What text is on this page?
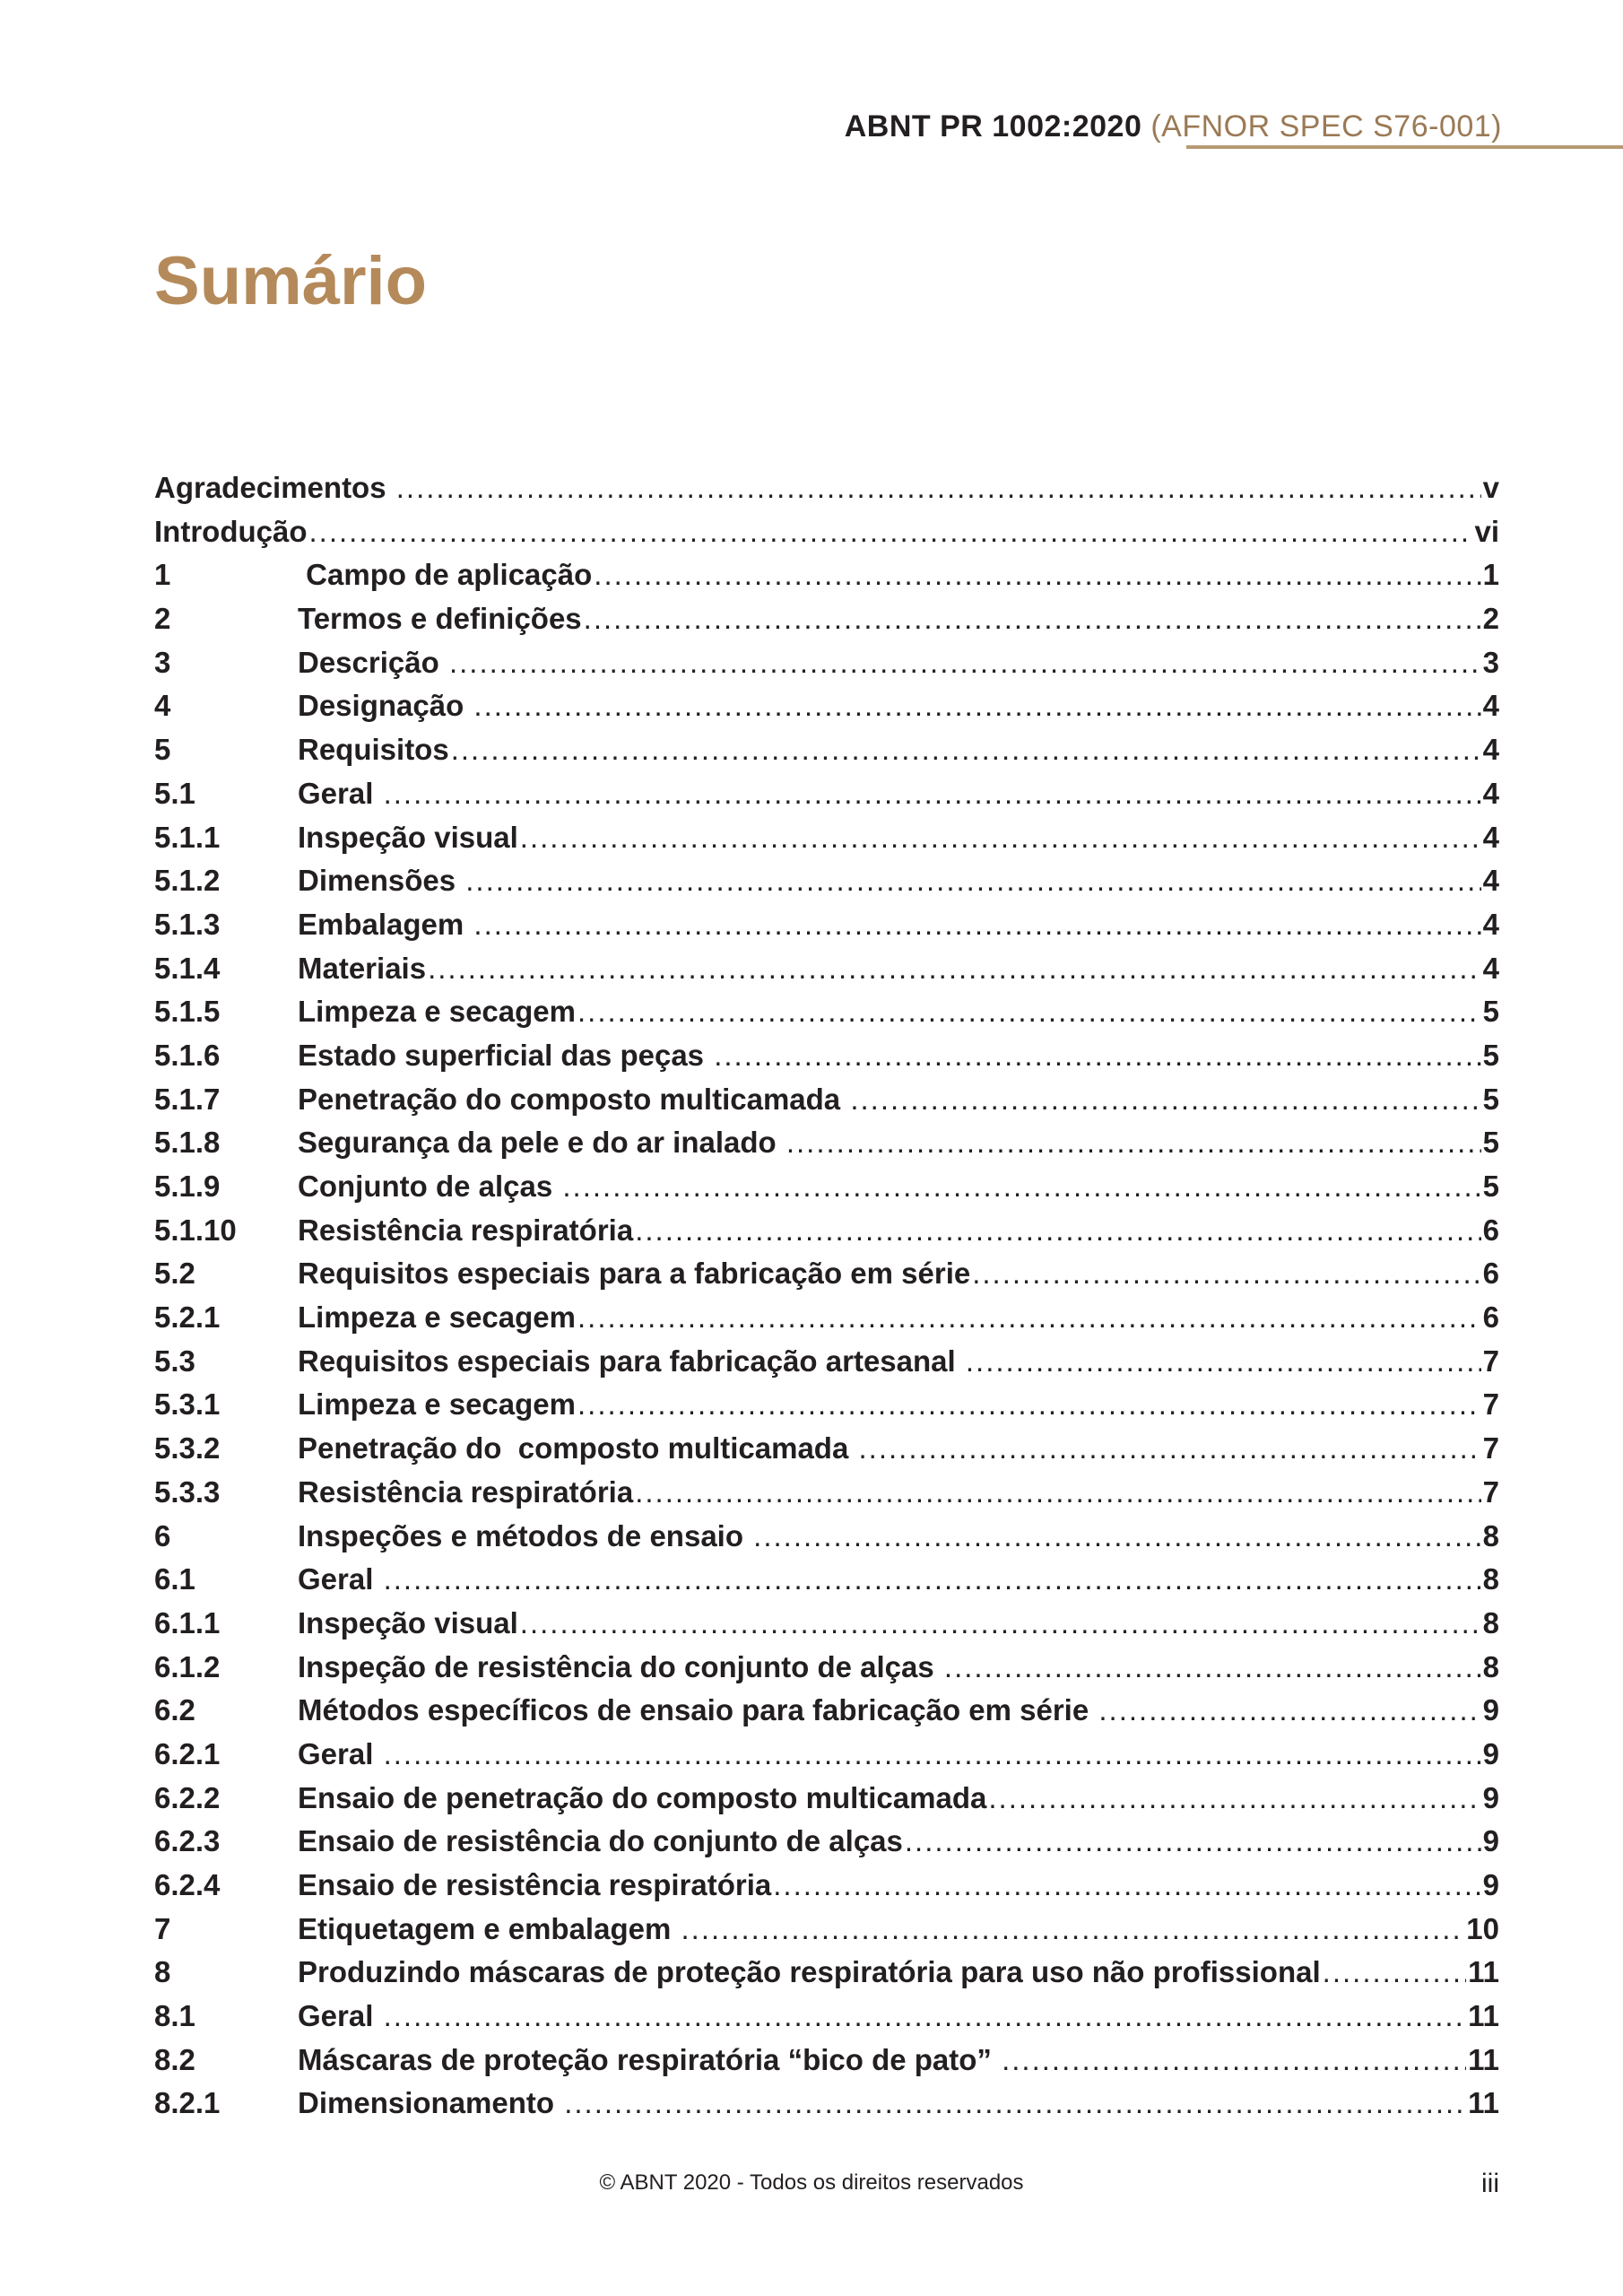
ABNT PR 1002:2020 (AFNOR SPEC S76-001)
Sumário
Agradecimentos .....	v
Introdução .....	vi
1	Campo de aplicação .....	1
2	Termos e definições .....	2
3	Descrição .....	3
4	Designação .....	4
5	Requisitos .....	4
5.1	Geral .....	4
5.1.1	Inspeção visual .....	4
5.1.2	Dimensões .....	4
5.1.3	Embalagem .....	4
5.1.4	Materiais .....	4
5.1.5	Limpeza e secagem .....	5
5.1.6	Estado superficial das peças .....	5
5.1.7	Penetração do composto multicamada .....	5
5.1.8	Segurança da pele e do ar inalado .....	5
5.1.9	Conjunto de alças .....	5
5.1.10	Resistência respiratória .....	6
5.2	Requisitos especiais para a fabricação em série .....	6
5.2.1	Limpeza e secagem .....	6
5.3	Requisitos especiais para fabricação artesanal .....	7
5.3.1	Limpeza e secagem .....	7
5.3.2	Penetração do  composto multicamada .....	7
5.3.3	Resistência respiratória .....	7
6	Inspeções e métodos de ensaio .....	8
6.1	Geral .....	8
6.1.1	Inspeção visual .....	8
6.1.2	Inspeção de resistência do conjunto de alças .....	8
6.2	Métodos específicos de ensaio para fabricação em série .....	9
6.2.1	Geral .....	9
6.2.2	Ensaio de penetração do composto multicamada .....	9
6.2.3	Ensaio de resistência do conjunto de alças .....	9
6.2.4	Ensaio de resistência respiratória .....	9
7	Etiquetagem e embalagem .....	10
8	Produzindo máscaras de proteção respiratória para uso não profissional .....	11
8.1	Geral .....	11
8.2	Máscaras de proteção respiratória “bico de pato” .....	11
8.2.1	Dimensionamento .....	11
© ABNT 2020 - Todos os direitos reservados	iii
